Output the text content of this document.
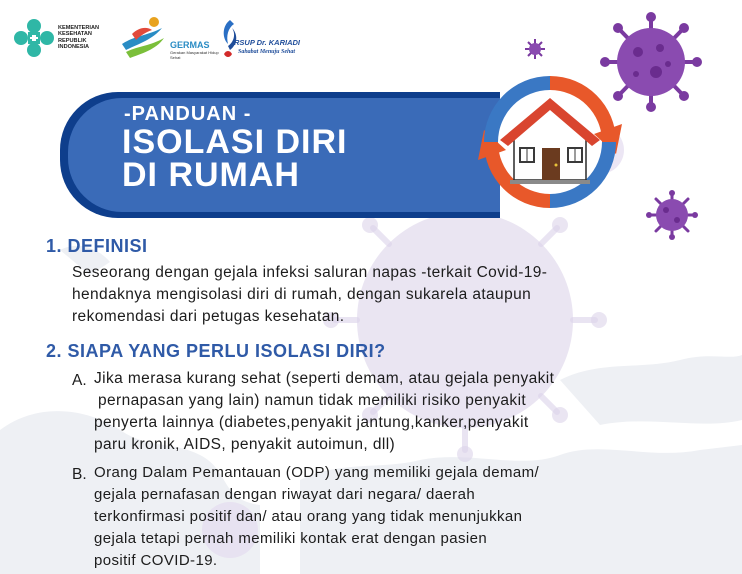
KEMENTERIAN
KESEHATAN
REPUBLIK
INDONESIA	GERMAS
Gerakan Masyarakat Hidup Sehat
RSUP Dr. KARIADI
Sahabat Menuju Sehat
-PANDUAN -
ISOLASI DIRI
DI RUMAH
1. DEFINISI
Seseorang dengan gejala infeksi saluran napas -terkait Covid-19-
hendaknya mengisolasi diri di rumah, dengan sukarela ataupun
rekomendasi dari petugas kesehatan.
2. SIAPA YANG PERLU ISOLASI DIRI?
A. Jika merasa kurang sehat (seperti demam, atau gejala penyakit
pernapasan yang lain) namun tidak memiliki risiko penyakit
penyerta lainnya (diabetes,penyakit jantung,kanker,penyakit
paru kronik, AIDS, penyakit autoimun, dll)
B. Orang Dalam Pemantauan (ODP) yang memiliki gejala demam/
gejala pernafasan dengan riwayat dari negara/ daerah
terkonfirmasi positif dan/ atau orang yang tidak menunjukkan
gejala tetapi pernah memiliki kontak erat dengan pasien
positif COVID-19.
